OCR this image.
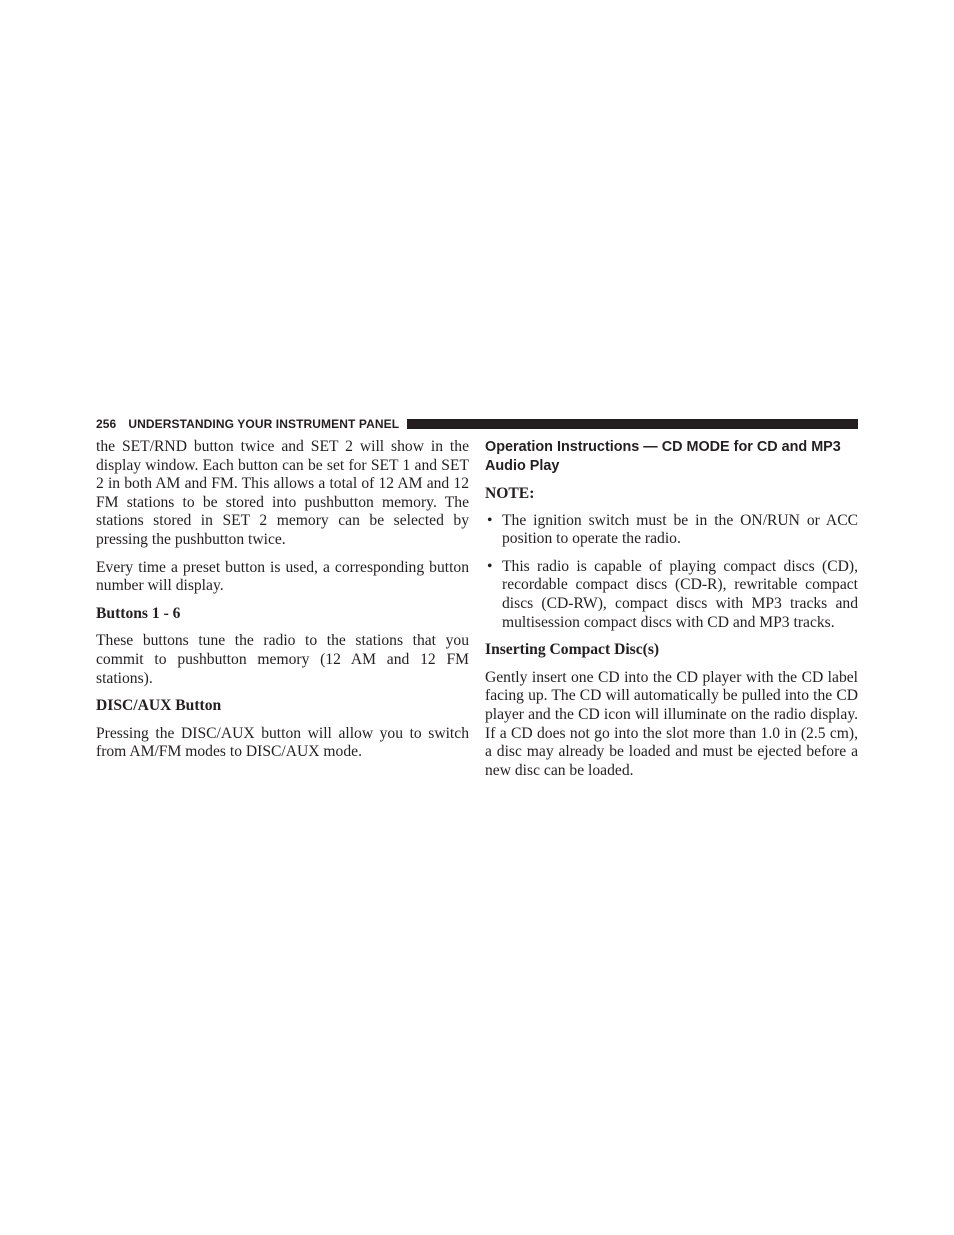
256 UNDERSTANDING YOUR INSTRUMENT PANEL

the SET/RND button twice and SET 2 will show in the display window. Each button can be set for SET 1 and SET 2 in both AM and FM. This allows a total of 12 AM and 12 FM stations to be stored into pushbutton memory. The stations stored in SET 2 memory can be selected by pressing the pushbutton twice.

Every time a preset button is used, a corresponding button number will display.

Buttons 1 - 6

These buttons tune the radio to the stations that you commit to pushbutton memory (12 AM and 12 FM stations).

DISC/AUX Button

Pressing the DISC/AUX button will allow you to switch from AM/FM modes to DISC/AUX mode.

Operation Instructions — CD MODE for CD and MP3 Audio Play
NOTE:
• The ignition switch must be in the ON/RUN or ACC position to operate the radio.
• This radio is capable of playing compact discs (CD), recordable compact discs (CD-R), rewritable compact discs (CD-RW), compact discs with MP3 tracks and multisession compact discs with CD and MP3 tracks.
Inserting Compact Disc(s)

Gently insert one CD into the CD player with the CD label facing up. The CD will automatically be pulled into the CD player and the CD icon will illuminate on the radio display. If a CD does not go into the slot more than 1.0 in (2.5 cm), a disc may already be loaded and must be ejected before a new disc can be loaded.
